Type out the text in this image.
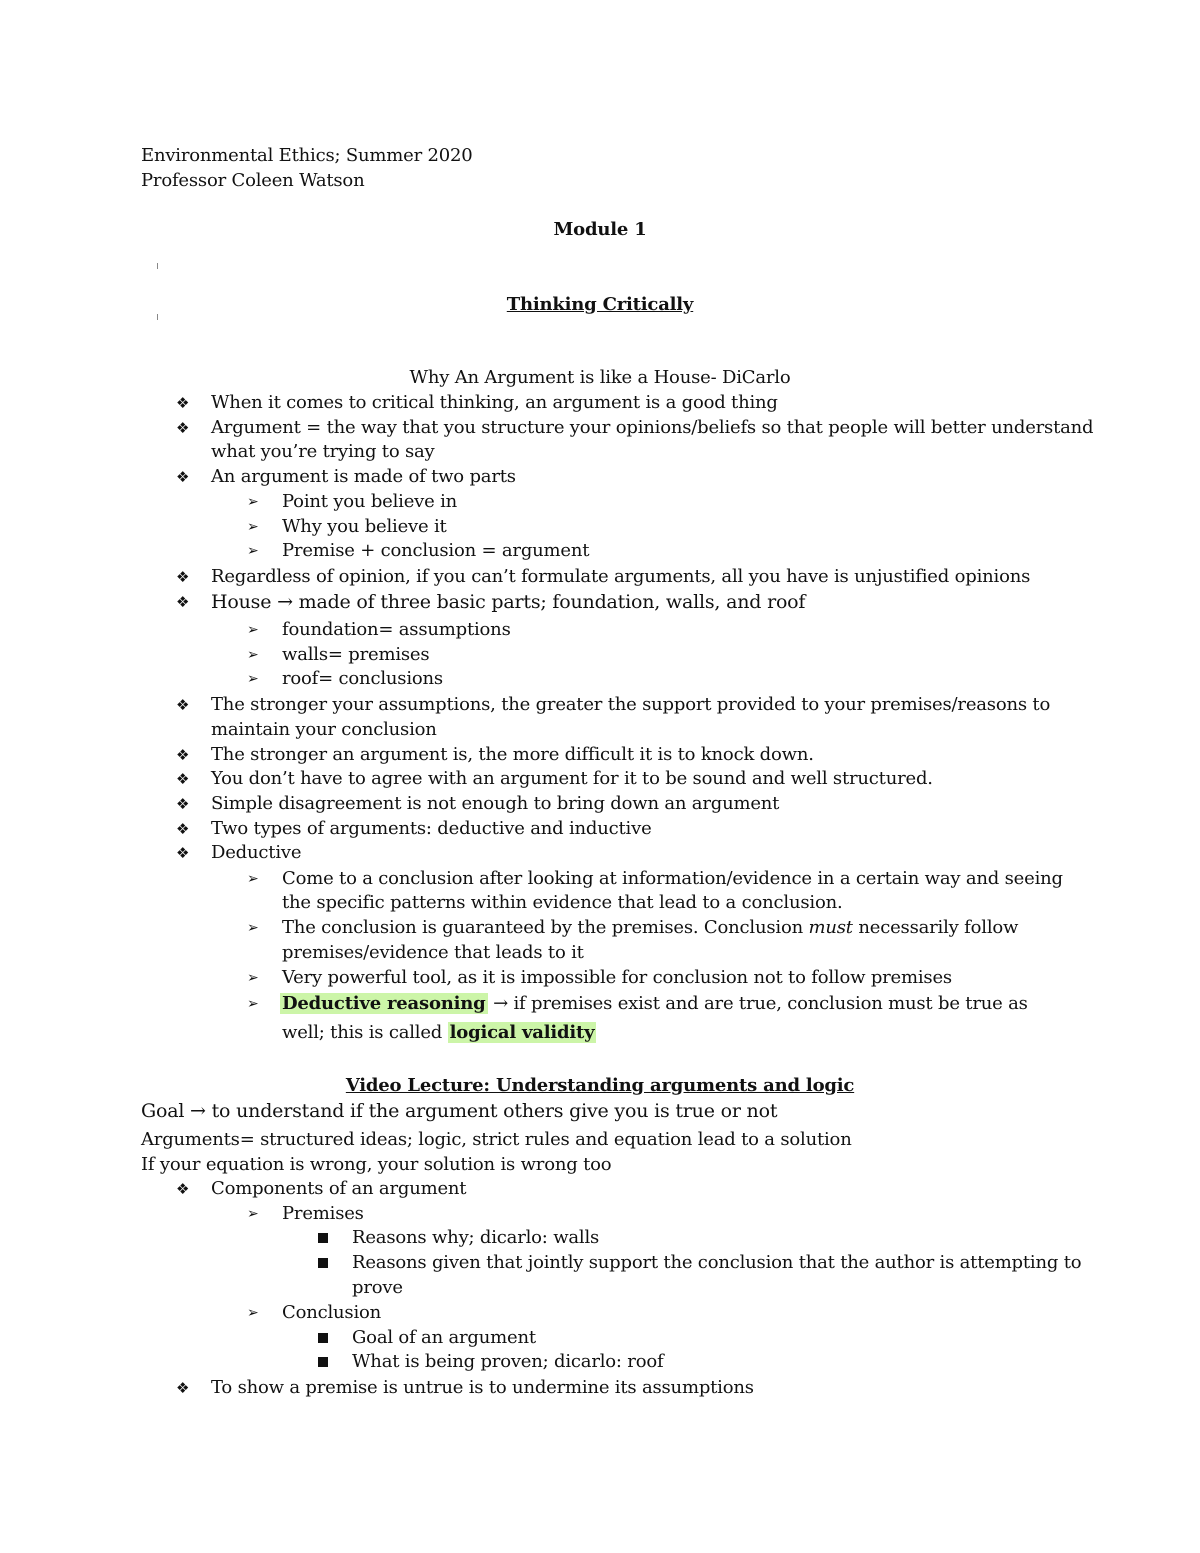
Environmental Ethics; Summer 2020
Professor Coleen Watson
Module 1
Thinking Critically
Why An Argument is like a House- DiCarlo
❖ When it comes to critical thinking, an argument is a good thing
❖ Argument = the way that you structure your opinions/beliefs so that people will better understand
what you’re trying to say
❖ An argument is made of two parts
➢ Point you believe in
➢ Why you believe it
➢ Premise + conclusion = argument
❖ Regardless of opinion, if you can’t formulate arguments, all you have is unjustified opinions
❖ House → made of three basic parts; foundation, walls, and roof
➢ foundation= assumptions
➢ walls= premises
➢ roof= conclusions
❖ The stronger your assumptions, the greater the support provided to your premises/reasons to
maintain your conclusion
❖ The stronger an argument is, the more difficult it is to knock down.
❖ You don’t have to agree with an argument for it to be sound and well structured.
❖ Simple disagreement is not enough to bring down an argument
❖ Two types of arguments: deductive and inductive
❖ Deductive
➢ Come to a conclusion after looking at information/evidence in a certain way and seeing
the specific patterns within evidence that lead to a conclusion.
➢ The conclusion is guaranteed by the premises. Conclusion must necessarily follow
premises/evidence that leads to it
➢ Very powerful tool, as it is impossible for conclusion not to follow premises
➢ Deductive reasoning → if premises exist and are true, conclusion must be true as
well; this is called logical validity
Video Lecture: Understanding arguments and logic
Goal → to understand if the argument others give you is true or not
Arguments= structured ideas; logic, strict rules and equation lead to a solution
If your equation is wrong, your solution is wrong too
❖ Components of an argument
➢ Premises
Reasons why; dicarlo: walls
Reasons given that jointly support the conclusion that the author is attempting to
prove
➢ Conclusion
Goal of an argument
What is being proven; dicarlo: roof
❖ To show a premise is untrue is to undermine its assumptions
